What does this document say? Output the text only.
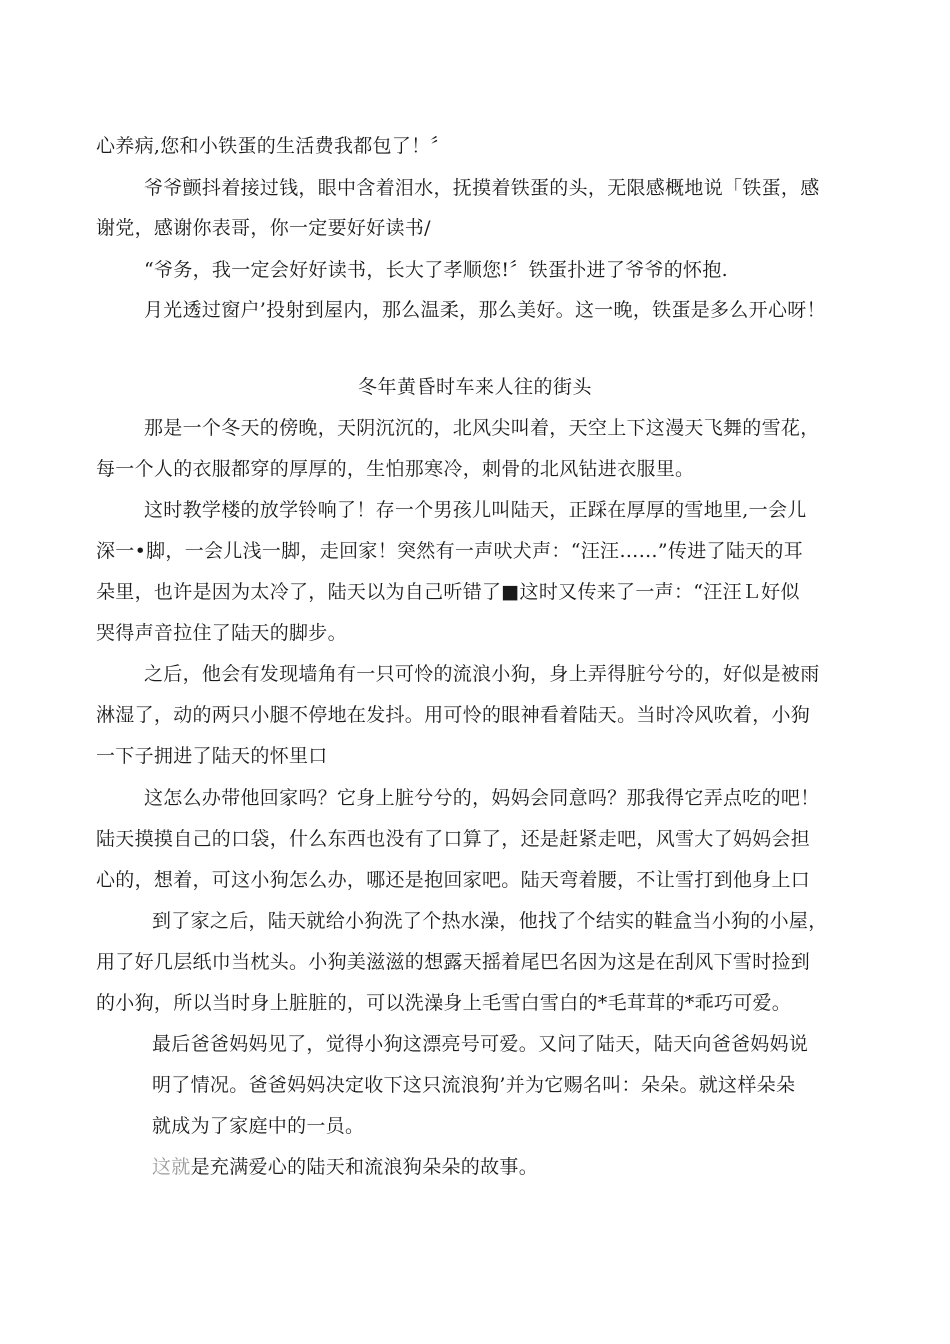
心养病,您和小铁蛋的生活费我都包了！〞
爷爷颤抖着接过钱，眼中含着泪水，抚摸着铁蛋的头，无限感概地说「铁蛋，感
谢党，感谢你表哥，你一定要好好读书/
“爷务，我一定会好好读书，长大了孝顺您!〞铁蛋扑进了爷爷的怀抱.
月光透过窗户’投射到屋内，那么温柔，那么美好。这一晚，铁蛋是多么开心呀！
冬年黄昏时车来人往的街头
那是一个冬天的傍晚，天阴沉沉的，北风尖叫着，天空上下这漫天飞舞的雪花，
每一个人的衣服都穿的厚厚的，生怕那寒冷，刺骨的北风钻进衣服里。
这时教学楼的放学铃响了！存一个男孩儿叫陆天，正踩在厚厚的雪地里,一会儿
深一•脚，一会儿浅一脚，走回家！突然有一声吠犬声：“汪汪……”传进了陆天的耳
朵里，也许是因为太冷了，陆天以为自己听错了■这时又传来了一声：“汪汪Ｌ好似
哭得声音拉住了陆天的脚步。
之后，他会有发现墙角有一只可怜的流浪小狗，身上弄得脏兮兮的，好似是被雨
淋湿了，动的两只小腿不停地在发抖。用可怜的眼神看着陆天。当时冷风吹着，小狗
一下子拥进了陆天的怀里口
这怎么办带他回家吗？它身上脏兮兮的，妈妈会同意吗？那我得它弄点吃的吧！
陆天摸摸自己的口袋，什么东西也没有了口算了，还是赶紧走吧，风雪大了妈妈会担
心的，想着，可这小狗怎么办，哪还是抱回家吧。陆天弯着腰，不让雪打到他身上口
到了家之后，陆天就给小狗洗了个热水澡，他找了个结实的鞋盒当小狗的小屋，
用了好几层纸巾当枕头。小狗美滋滋的想露天摇着尾巴名因为这是在刮风下雪时捡到
的小狗，所以当时身上脏脏的，可以洗澡身上毛雪白雪白的*毛茸茸的*乖巧可爱。
最后爸爸妈妈见了，觉得小狗这漂亮号可爱。又问了陆天，陆天向爸爸妈妈说
明了情况。爸爸妈妈决定收下这只流浪狗’并为它赐名叫：朵朵。就这样朵朵
就成为了家庭中的一员。
这就是充满爱心的陆天和流浪狗朵朵的故事。
